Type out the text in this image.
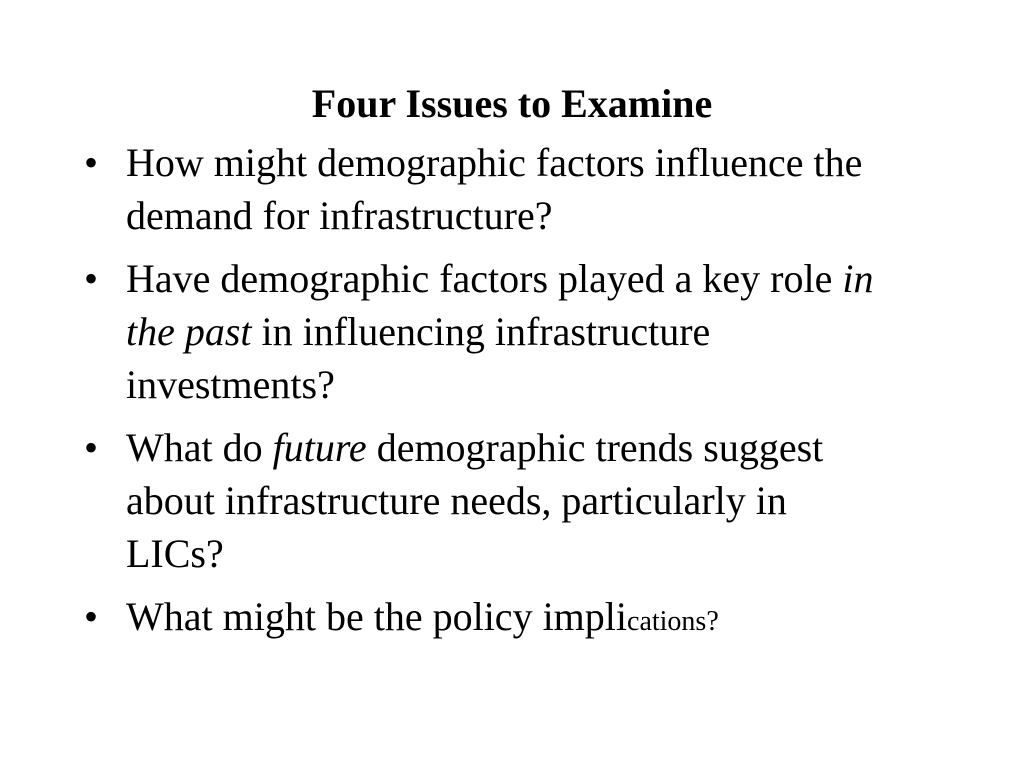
Four Issues to Examine
• How might demographic factors influence the demand for infrastructure?
• Have demographic factors played a key role in the past in influencing infrastructure investments?
• What do future demographic trends suggest about infrastructure needs, particularly in LICs?
• What might be the policy implications?
